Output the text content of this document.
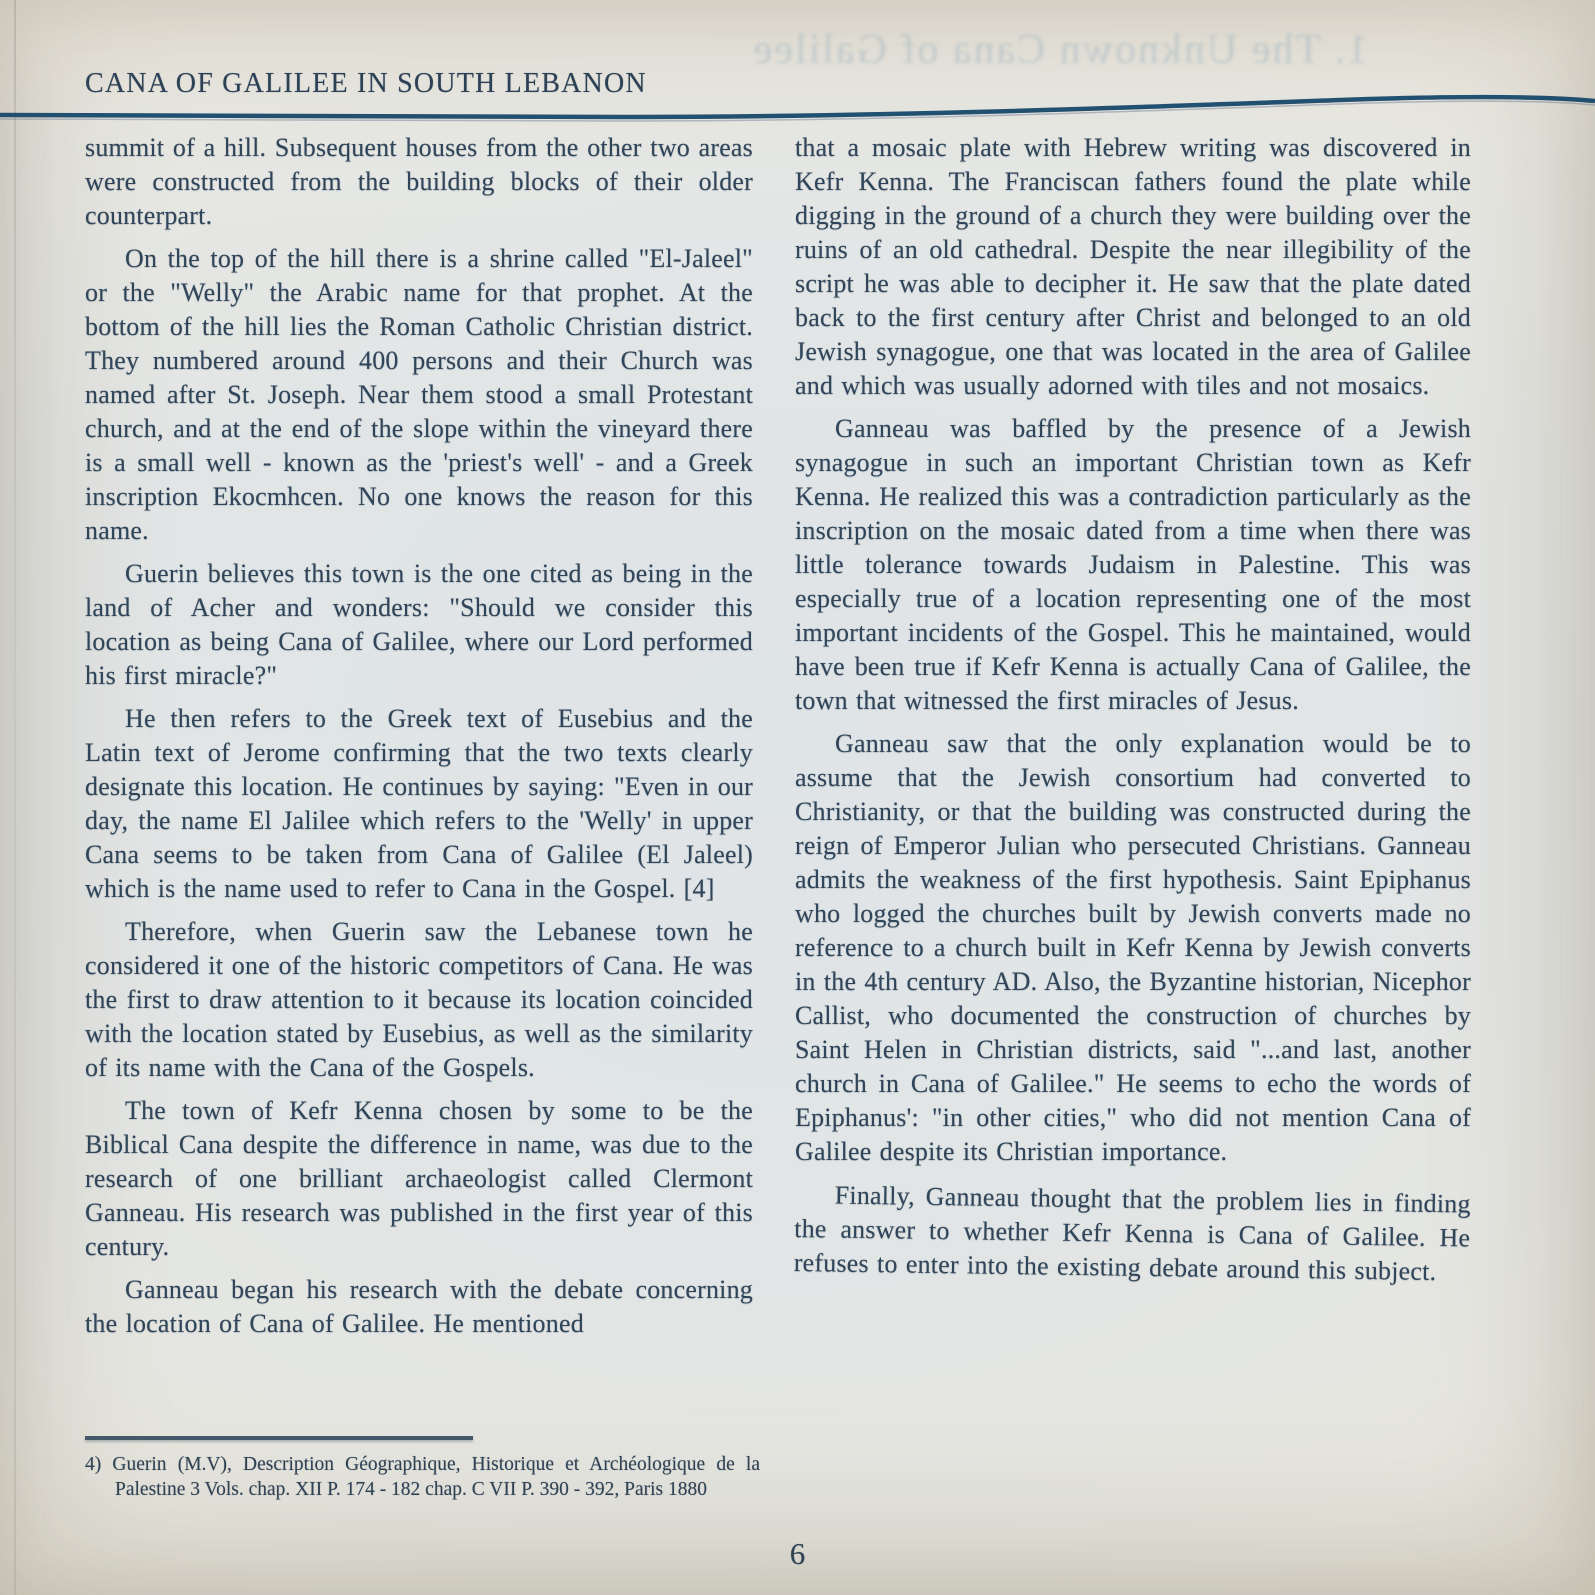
1. The Unknown Cana of Galilee
CANA OF GALILEE IN SOUTH LEBANON

summit of a hill. Subsequent houses from the other two areas were constructed from the building blocks of their older counterpart.

On the top of the hill there is a shrine called "El-Jaleel" or the "Welly" the Arabic name for that prophet. At the bottom of the hill lies the Roman Catholic Christian district. They numbered around 400 persons and their Church was named after St. Joseph. Near them stood a small Protestant church, and at the end of the slope within the vineyard there is a small well - known as the 'priest's well' - and a Greek inscription Ekocmhcen. No one knows the reason for this name.

Guerin believes this town is the one cited as being in the land of Acher and wonders: "Should we consider this location as being Cana of Galilee, where our Lord performed his first miracle?"

He then refers to the Greek text of Eusebius and the Latin text of Jerome confirming that the two texts clearly designate this location. He continues by saying: "Even in our day, the name El Jalilee which refers to the 'Welly' in upper Cana seems to be taken from Cana of Galilee (El Jaleel) which is the name used to refer to Cana in the Gospel. [4]

Therefore, when Guerin saw the Lebanese town he considered it one of the historic competitors of Cana. He was the first to draw attention to it because its location coincided with the location stated by Eusebius, as well as the similarity of its name with the Cana of the Gospels.

The town of Kefr Kenna chosen by some to be the Biblical Cana despite the difference in name, was due to the research of one brilliant archaeologist called Clermont Ganneau. His research was published in the first year of this century.

Ganneau began his research with the debate concerning the location of Cana of Galilee. He mentioned

that a mosaic plate with Hebrew writing was discovered in Kefr Kenna. The Franciscan fathers found the plate while digging in the ground of a church they were building over the ruins of an old cathedral. Despite the near illegibility of the script he was able to decipher it. He saw that the plate dated back to the first century after Christ and belonged to an old Jewish synagogue, one that was located in the area of Galilee and which was usually adorned with tiles and not mosaics.

Ganneau was baffled by the presence of a Jewish synagogue in such an important Christian town as Kefr Kenna. He realized this was a contradiction particularly as the inscription on the mosaic dated from a time when there was little tolerance towards Judaism in Palestine. This was especially true of a location representing one of the most important incidents of the Gospel. This he maintained, would have been true if Kefr Kenna is actually Cana of Galilee, the town that witnessed the first miracles of Jesus.

Ganneau saw that the only explanation would be to assume that the Jewish consortium had converted to Christianity, or that the building was constructed during the reign of Emperor Julian who persecuted Christians. Ganneau admits the weakness of the first hypothesis. Saint Epiphanus who logged the churches built by Jewish converts made no reference to a church built in Kefr Kenna by Jewish converts in the 4th century AD. Also, the Byzantine historian, Nicephor Callist, who documented the construction of churches by Saint Helen in Christian districts, said "...and last, another church in Cana of Galilee." He seems to echo the words of Epiphanus': "in other cities," who did not mention Cana of Galilee despite its Christian importance.

Finally, Ganneau thought that the problem lies in finding the answer to whether Kefr Kenna is Cana of Galilee. He refuses to enter into the existing debate around this subject.

4) Guerin (M.V), Description Géographique, Historique et Archéologique de la Palestine 3 Vols. chap. XII P. 174 - 182 chap. C VII P. 390 - 392, Paris 1880
6
